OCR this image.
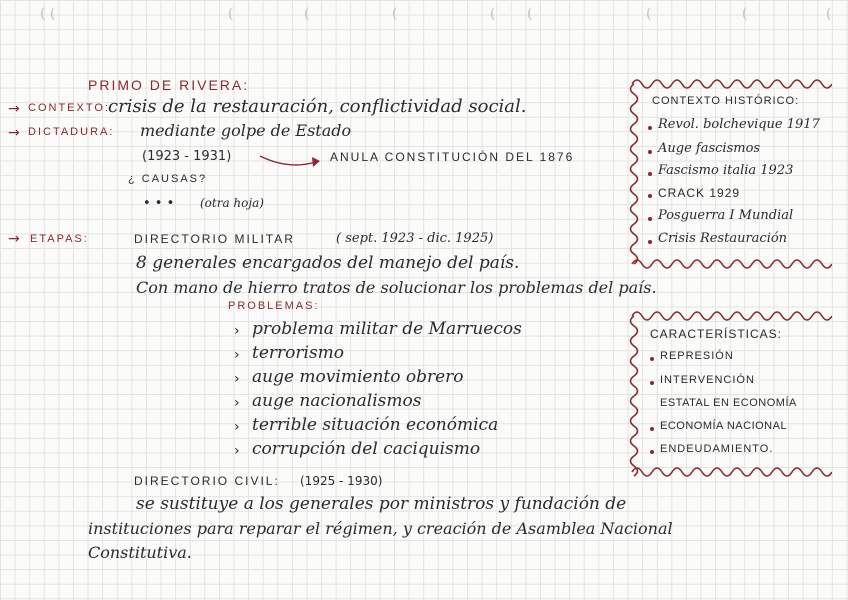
( (	(	(	(	( (	(	(	(
PRIMO DE RIVERA:
→ CONTEXTO:
crisis de la restauración, conflictividad social.
→ DICTADURA: mediante golpe de Estado
(1923 - 1931)	ANULA CONSTITUCIÓN DEL 1876
¿ CAUSAS?
• • • (otra hoja)
→ ETAPAS:	DIRECTORIO MILITAR	( sept. 1923 - dic. 1925)
8 generales encargados del manejo del país.
Con mano de hierro tratos de solucionar los problemas del país.
PROBLEMAS:
› problema militar de Marruecos
› terrorismo
› auge movimiento obrero
› auge nacionalismos
› terrible situación económica
› corrupción del caciquismo
DIRECTORIO CIVIL: (1925 - 1930)
se sustituye a los generales por ministros y fundación de
instituciones para reparar el régimen, y creación de Asamblea Nacional
Constitutiva.
CONTEXTO HISTÓRICO:
Revol. bolchevique 1917
Auge fascismos
Fascismo italia 1923
CRACK 1929
Posguerra I Mundial
Crisis Restauración
CARACTERÍSTICAS:
REPRESIÓN
INTERVENCIÓN
ESTATAL EN ECONOMÍA
ECONOMÍA NACIONAL
ENDEUDAMIENTO.
